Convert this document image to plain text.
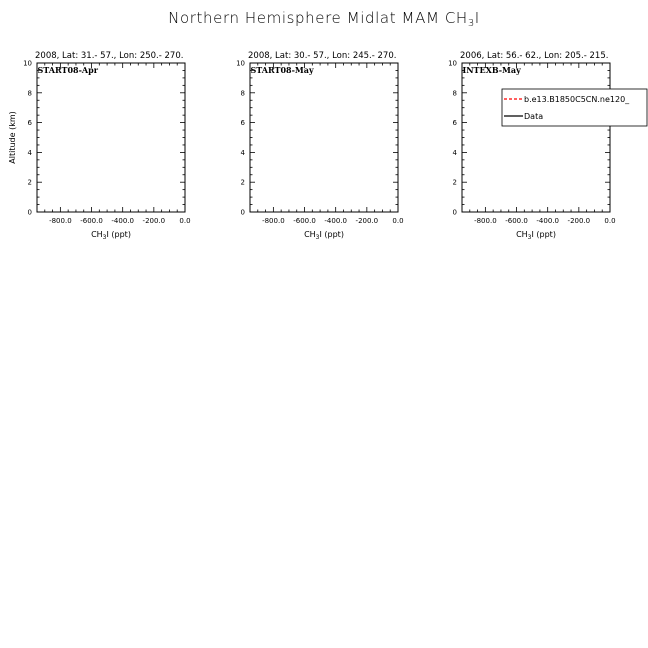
Northern Hemisphere Midlat MAM $CH_3I$
2008, Lat: 31.- 57., Lon: 250.- 270.
-800.0 -600.0 -400.0 -200.0 0.0
0
2
4
6
8
10
$CH_3I$ (ppt)
Altitude (km)
START08-Apr
2008, Lat: 30.- 57., Lon: 245.- 270.
-800.0 -600.0 -400.0 -200.0 0.0
0
2
4
6
8
10
$CH_3I$ (ppt)
START08-May
2006, Lat: 56.- 62., Lon: 205.- 215.
-800.0 -600.0 -400.0 -200.0 0.0
0
2
4
6
8
10
$CH_3I$ (ppt)
INTEXB-May
b.e13.B1850C5CN.ne120_
Data
